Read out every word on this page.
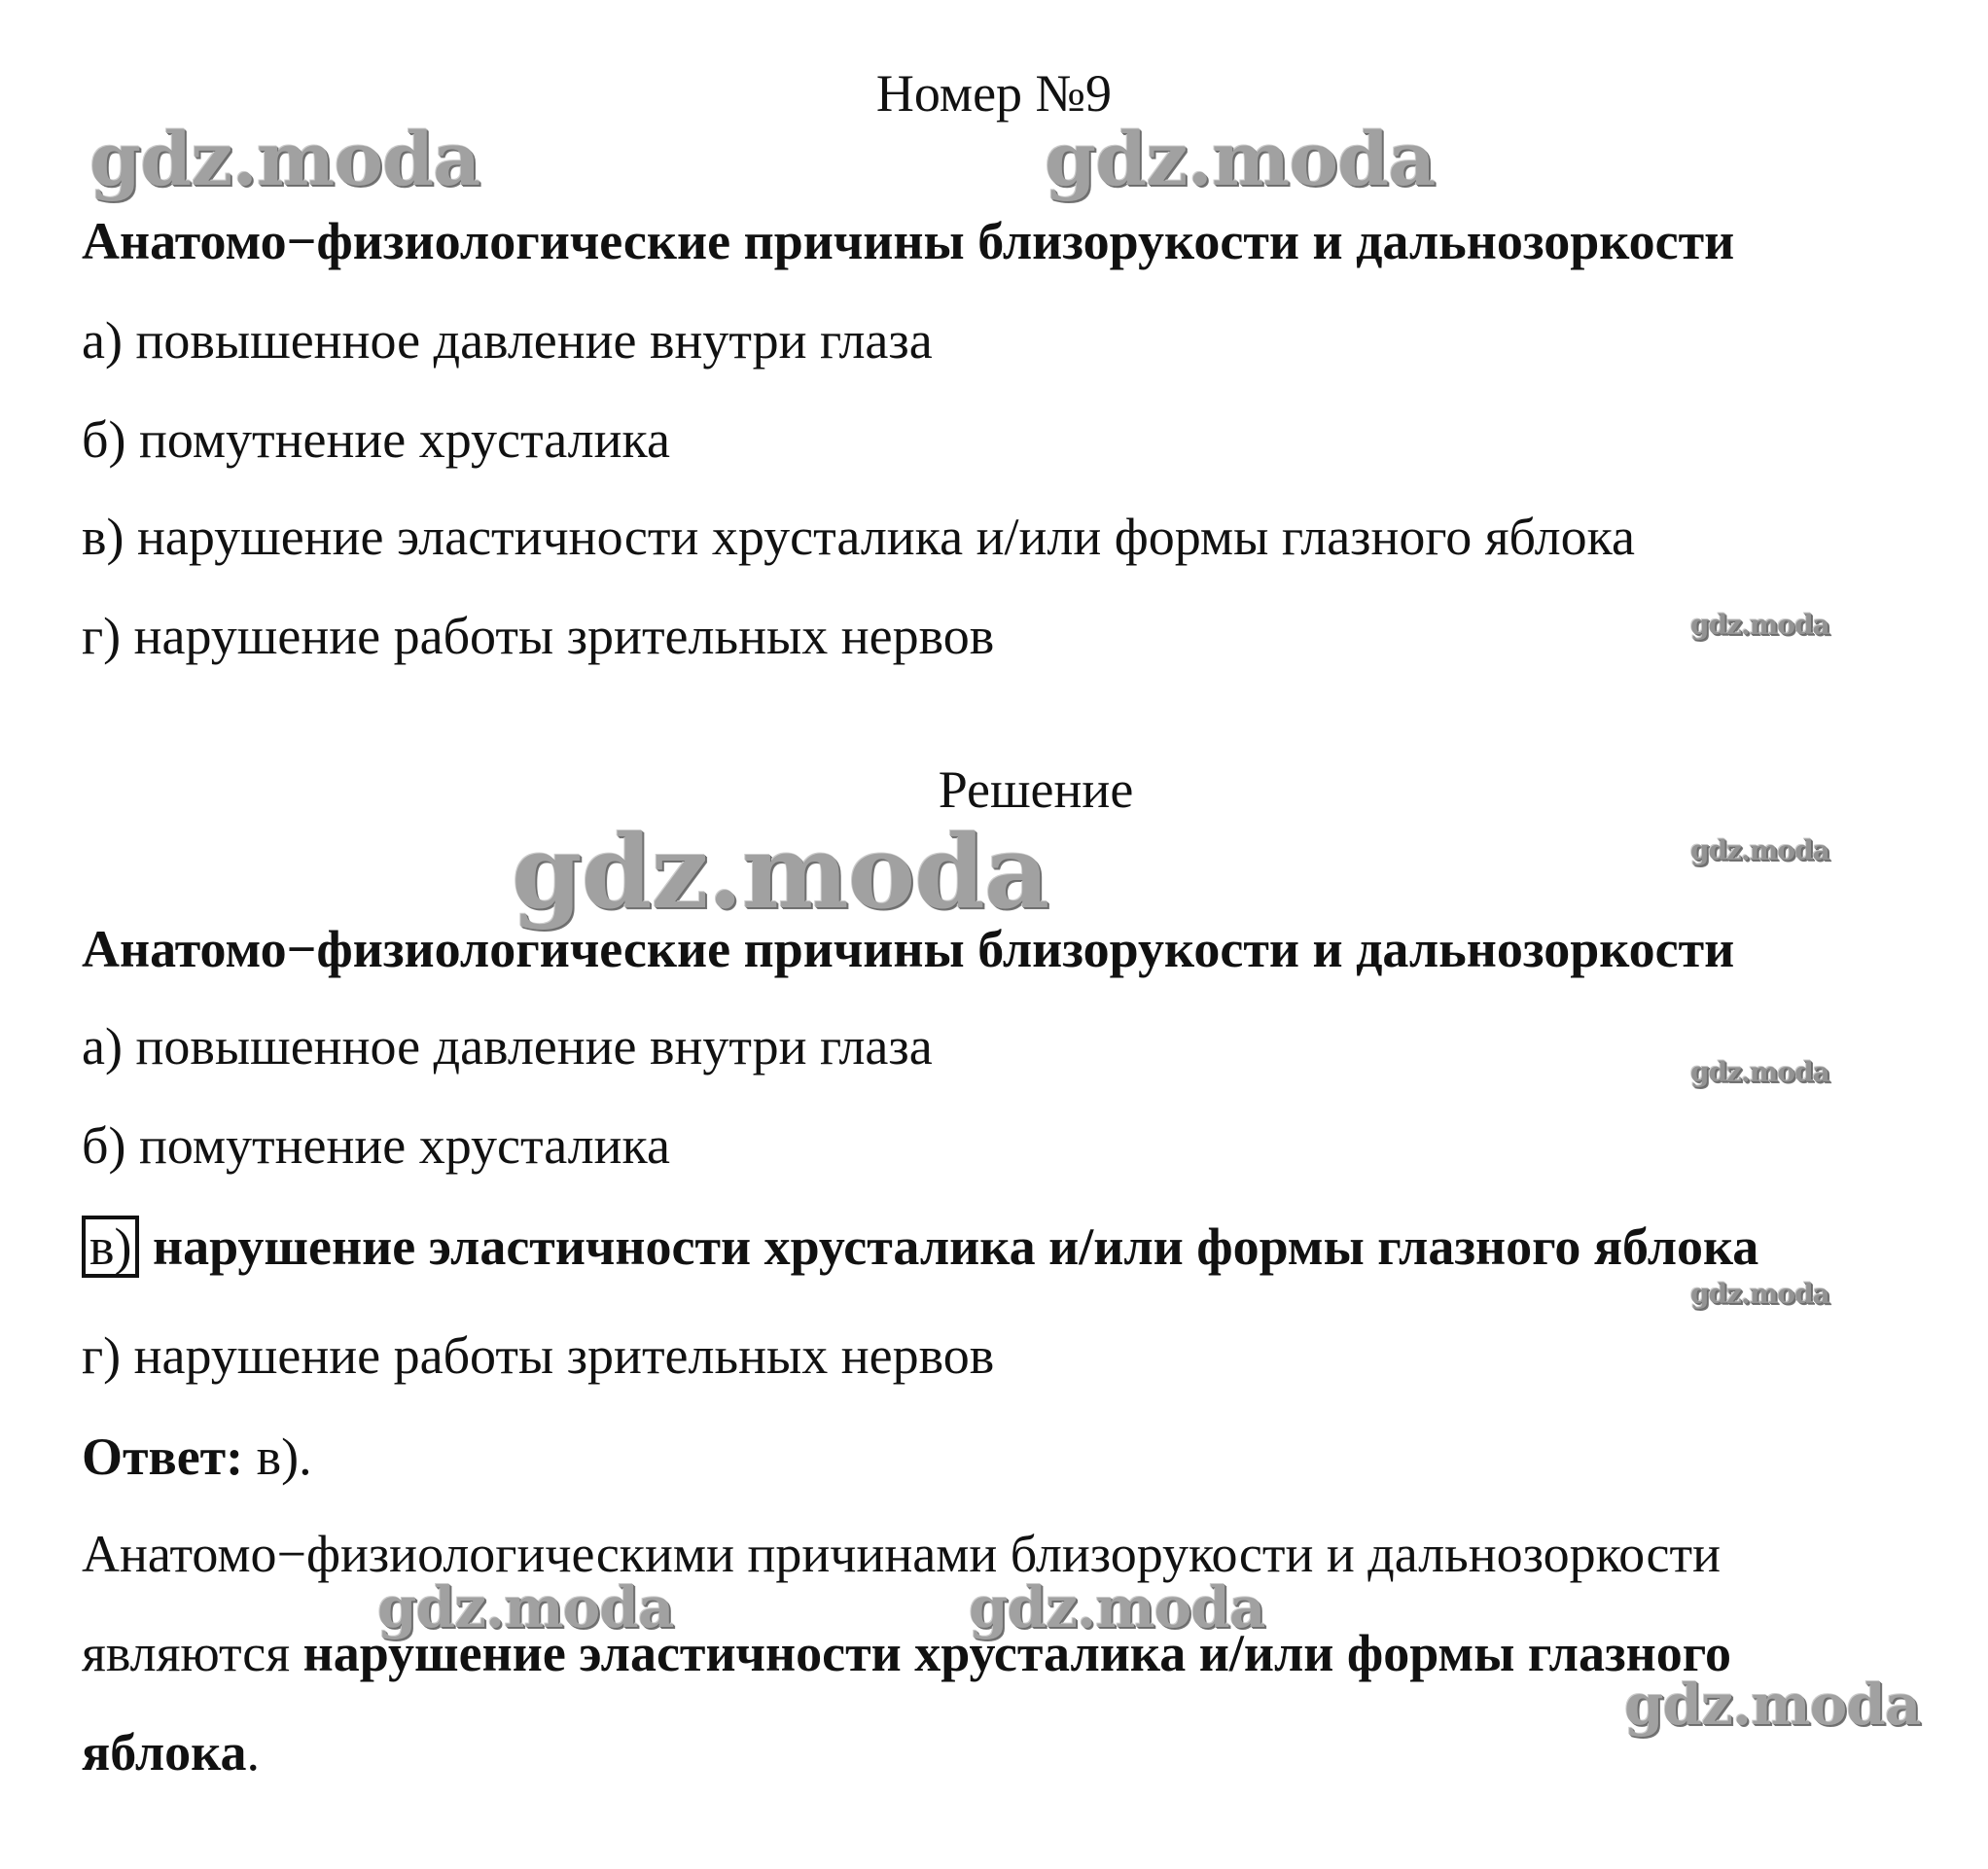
Номер №9
Анатомо−физиологические причины близорукости и дальнозоркости
а) повышенное давление внутри глаза
б) помутнение хрусталика
в) нарушение эластичности хрусталика и/или формы глазного яблока
г) нарушение работы зрительных нервов
Решение
Анатомо−физиологические причины близорукости и дальнозоркости
а) повышенное давление внутри глаза
б) помутнение хрусталика
в) нарушение эластичности хрусталика и/или формы глазного яблока
г) нарушение работы зрительных нервов
Ответ: в).
Анатомо−физиологическими причинами близорукости и дальнозоркости
являются нарушение эластичности хрусталика и/или формы глазного
яблока.
gdz.moda	gdz.moda
gdz.moda
gdz.moda	gdz.moda
gdz.moda
gdz.moda
gdz.moda	gdz.moda
gdz.moda
